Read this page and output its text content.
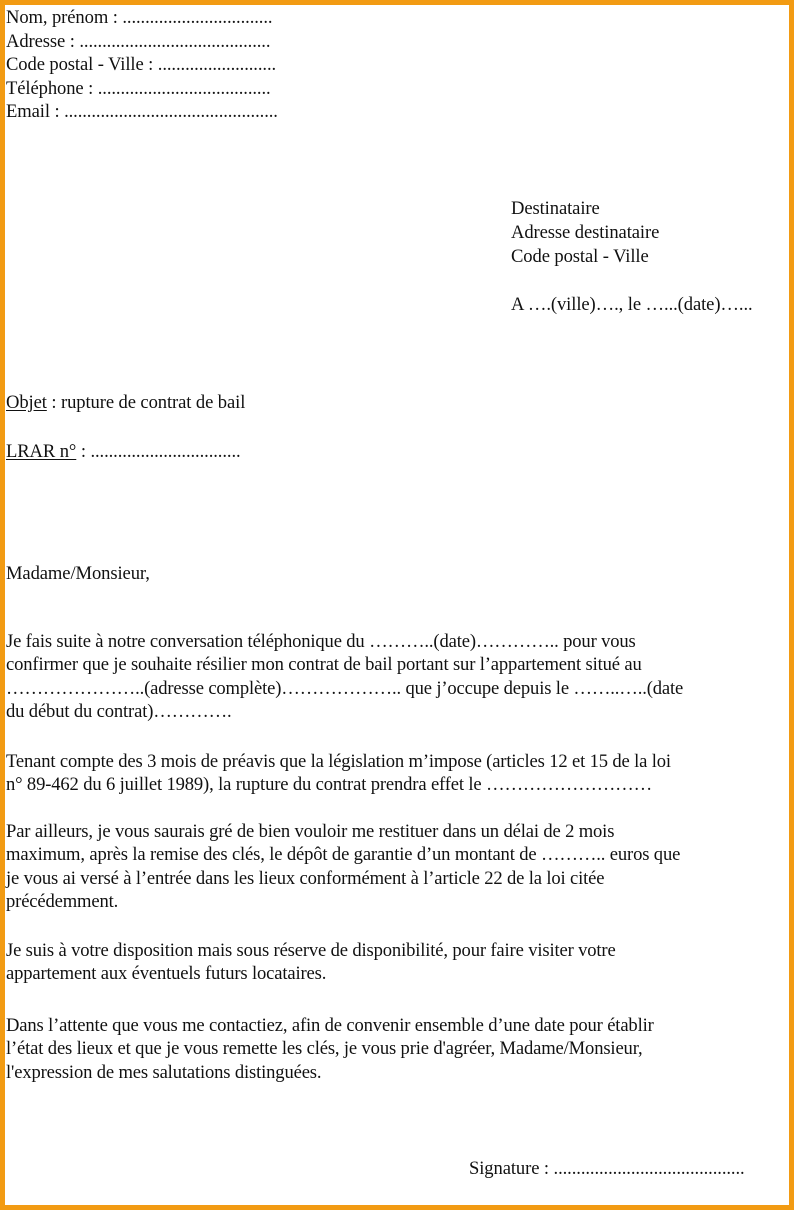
Nom, prénom : .................................
Adresse : ..........................................
Code postal - Ville : ..........................
Téléphone : ......................................
Email : ...............................................
Destinataire
Adresse destinataire
Code postal - Ville
A ….(ville)…., le …...(date)…...
Objet : rupture de contrat de bail
LRAR n° : .................................
Madame/Monsieur,
Je fais suite à notre conversation téléphonique du ………..(date)………….. pour vous
confirmer que je souhaite résilier mon contrat de bail portant sur l’appartement situé au
…………………..(adresse complète)……………….. que j’occupe depuis le ……..…..(date
du début du contrat)………….
Tenant compte des 3 mois de préavis que la législation m’impose (articles 12 et 15 de la loi
n° 89-462 du 6 juillet 1989), la rupture du contrat prendra effet le ………………………
Par ailleurs, je vous saurais gré de bien vouloir me restituer dans un délai de 2 mois
maximum, après la remise des clés, le dépôt de garantie d’un montant de ……….. euros que
je vous ai versé à l’entrée dans les lieux conformément à l’article 22 de la loi citée
précédemment.
Je suis à votre disposition mais sous réserve de disponibilité, pour faire visiter votre
appartement aux éventuels futurs locataires.
Dans l’attente que vous me contactiez, afin de convenir ensemble d’une date pour établir
l’état des lieux et que je vous remette les clés, je vous prie d'agréer, Madame/Monsieur,
l'expression de mes salutations distinguées.
Signature : ..........................................
